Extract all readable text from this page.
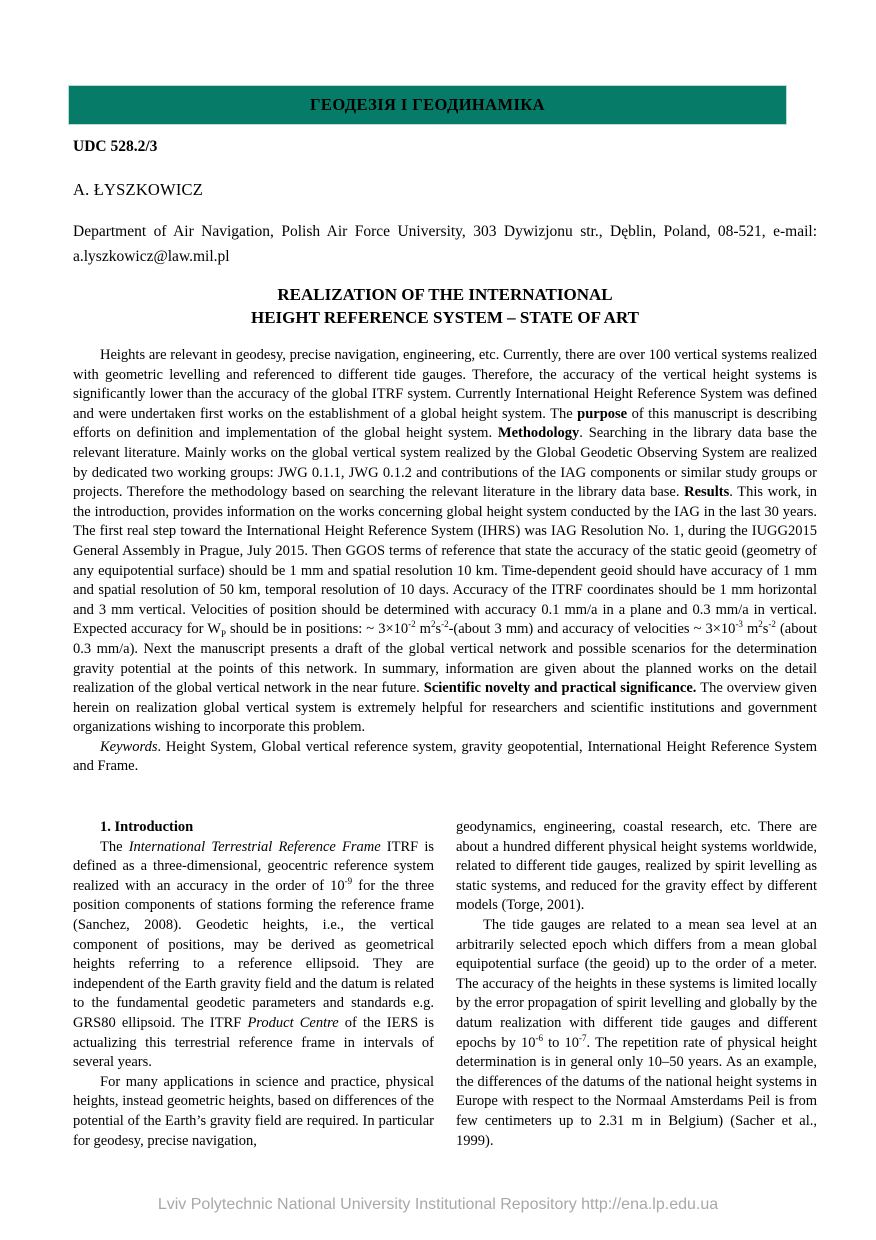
ГЕОДЕЗІЯ І ГЕОДИНАМІКА
UDC 528.2/3
A. ŁYSZKOWICZ

Department of Air Navigation, Polish Air Force University, 303 Dywizjonu str., Dęblin, Poland, 08-521, e-mail: a.lyszkowicz@law.mil.pl

REALIZATION OF THE INTERNATIONAL
HEIGHT REFERENCE SYSTEM – STATE OF ART

Heights are relevant in geodesy, precise navigation, engineering, etc. Currently, there are over 100 vertical systems realized with geometric levelling and referenced to different tide gauges. Therefore, the accuracy of the vertical height systems is significantly lower than the accuracy of the global ITRF system. Currently International Height Reference System was defined and were undertaken first works on the establishment of a global height system. The purpose of this manuscript is describing efforts on definition and implementation of the global height system. Methodology. Searching in the library data base the relevant literature. Mainly works on the global vertical system realized by the Global Geodetic Observing System are realized by dedicated two working groups: JWG 0.1.1, JWG 0.1.2 and contributions of the IAG components or similar study groups or projects. Therefore the methodology based on searching the relevant literature in the library data base. Results. This work, in the introduction, provides information on the works concerning global height system conducted by the IAG in the last 30 years. The first real step toward the International Height Reference System (IHRS) was IAG Resolution No. 1, during the IUGG2015 General Assembly in Prague, July 2015. Then GGOS terms of reference that state the accuracy of the static geoid (geometry of any equipotential surface) should be 1 mm and spatial resolution 10 km. Time-dependent geoid should have accuracy of 1 mm and spatial resolution of 50 km, temporal resolution of 10 days. Accuracy of the ITRF coordinates should be 1 mm horizontal and 3 mm vertical. Velocities of position should be determined with accuracy 0.1 mm/a in a plane and 0.3 mm/a in vertical. Expected accuracy for $W_P$ should be in positions: ~ $3\times 10^{-2}$ $m^2s^{-2}-(about$ 3 mm) and accuracy of velocities ~ $3\times 10^{-3}$ $m^2s^{-2}$ (about 0.3 mm/a). Next the manuscript presents a draft of the global vertical network and possible scenarios for the determination gravity potential at the points of this network. In summary, information are given about the planned works on the detail realization of the global vertical network in the near future. Scientific novelty and practical significance. The overview given herein on realization global vertical system is extremely helpful for researchers and scientific institutions and government organizations wishing to incorporate this problem.

Keywords. Height System, Global vertical reference system, gravity geopotential, International Height Reference System and Frame.

1. Introduction

The International Terrestrial Reference Frame ITRF is defined as a three-dimensional, geocentric reference system realized with an accuracy in the order of $10^{-9}$ for the three position components of stations forming the reference frame (Sanchez, 2008). Geodetic heights, i.e., the vertical component of positions, may be derived as geometrical heights referring to a reference ellipsoid. They are independent of the Earth gravity field and the datum is related to the fundamental geodetic parameters and standards e.g. GRS80 ellipsoid. The ITRF Product Centre of the IERS is actualizing this terrestrial reference frame in intervals of several years.

For many applications in science and practice, physical heights, instead geometric heights, based on differences of the potential of the Earth’s gravity field are required. In particular for geodesy, precise navigation,

geodynamics, engineering, coastal research, etc. There are about a hundred different physical height systems worldwide, related to different tide gauges, realized by spirit levelling as static systems, and reduced for the gravity effect by different models (Torge, 2001).

The tide gauges are related to a mean sea level at an arbitrarily selected epoch which differs from a mean global equipotential surface (the geoid) up to the order of a meter. The accuracy of the heights in these systems is limited locally by the error propagation of spirit levelling and globally by the datum realization with different tide gauges and different epochs by $10^{-6}$ to $10^{-7}$. The repetition rate of physical height determination is in general only 10–50 years. As an example, the differences of the datums of the national height systems in Europe with respect to the Normaal Amsterdams Peil is from few centimeters up to 2.31 m in Belgium) (Sacher et al., 1999).

Lviv Polytechnic National University Institutional Repository http://ena.lp.edu.ua
